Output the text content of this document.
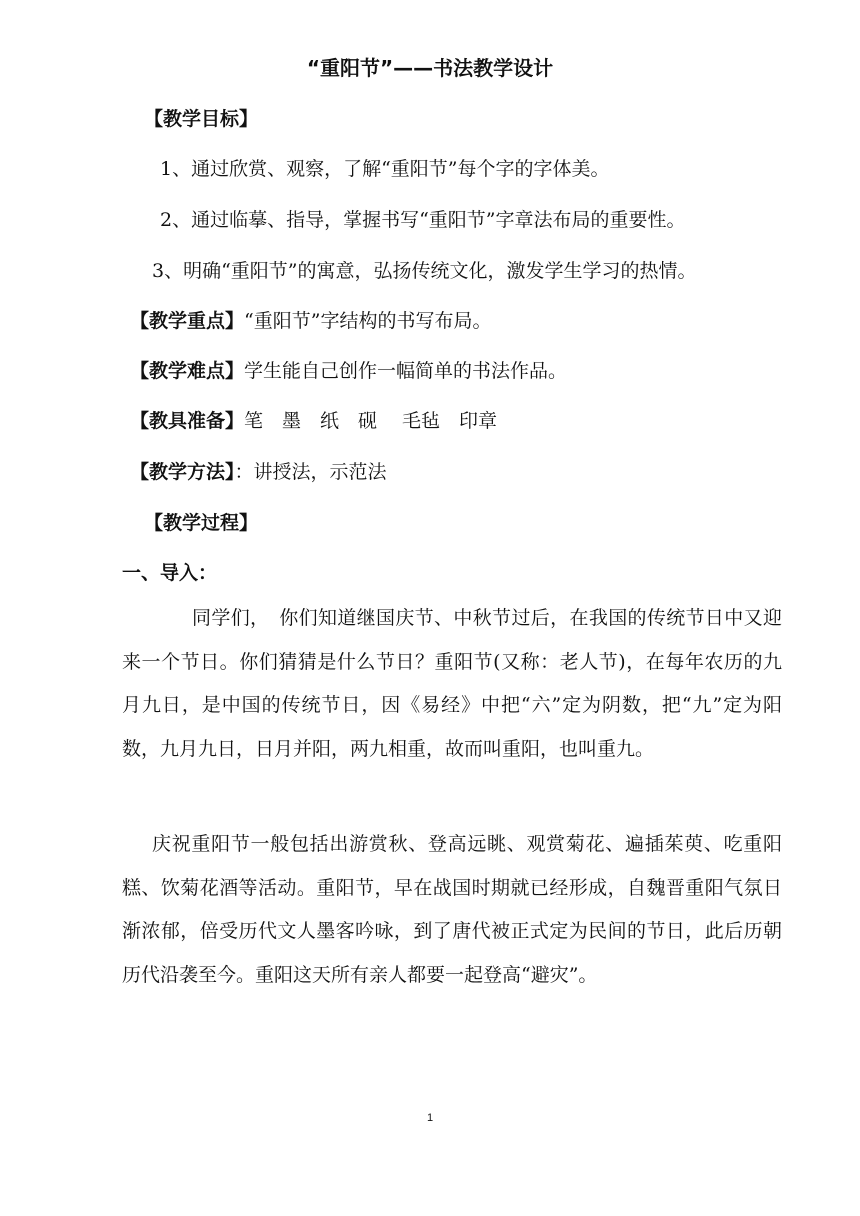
“重阳节”——书法教学设计
【教学目标】
1、通过欣赏、观察，了解“重阳节”每个字的字体美。
2、通过临摹、指导，掌握书写“重阳节”字章法布局的重要性。
3、明确“重阳节”的寓意，弘扬传统文化，激发学生学习的热情。
【教学重点】“重阳节”字结构的书写布局。
【教学难点】学生能自己创作一幅简单的书法作品。
【教具准备】笔　墨　纸　砚　 毛毡　印章
【教学方法】：讲授法，示范法
【教学过程】
一、导入：
同学们，　你们知道继国庆节、中秋节过后，在我国的传统节日中又迎来一个节日。你们猜猜是什么节日？重阳节(又称：老人节)，在每年农历的九月九日，是中国的传统节日，因《易经》中把“六”定为阴数，把“九”定为阳数，九月九日，日月并阳，两九相重，故而叫重阳，也叫重九。
庆祝重阳节一般包括出游赏秋、登高远眺、观赏菊花、遍插茱萸、吃重阳糕、饮菊花酒等活动。重阳节，早在战国时期就已经形成，自魏晋重阳气氛日渐浓郁，倍受历代文人墨客吟咏，到了唐代被正式定为民间的节日，此后历朝历代沿袭至今。重阳这天所有亲人都要一起登高“避灾”。
1
